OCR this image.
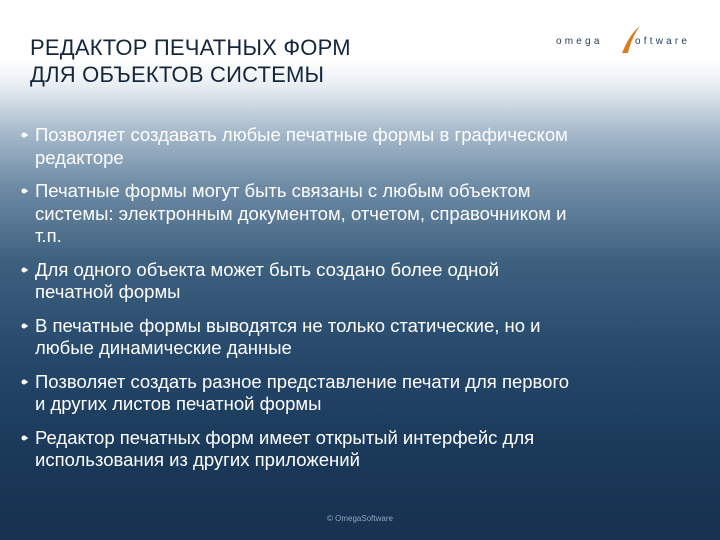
РЕДАКТОР ПЕЧАТНЫХ ФОРМ
ДЛЯ ОБЪЕКТОВ СИСТЕМЫ
omega	oftware
Позволяет создавать любые печатные формы в графическом
редакторе
Печатные формы могут быть связаны с любым объектом
системы: электронным документом, отчетом, справочником и
т.п.
Для одного объекта может быть создано более одной
печатной формы
В печатные формы выводятся не только статические, но и
любые динамические данные
Позволяет создать разное представление печати для первого
и других листов печатной формы
Редактор печатных форм имеет открытый интерфейс для
использования из других приложений
© OmegaSoftware
